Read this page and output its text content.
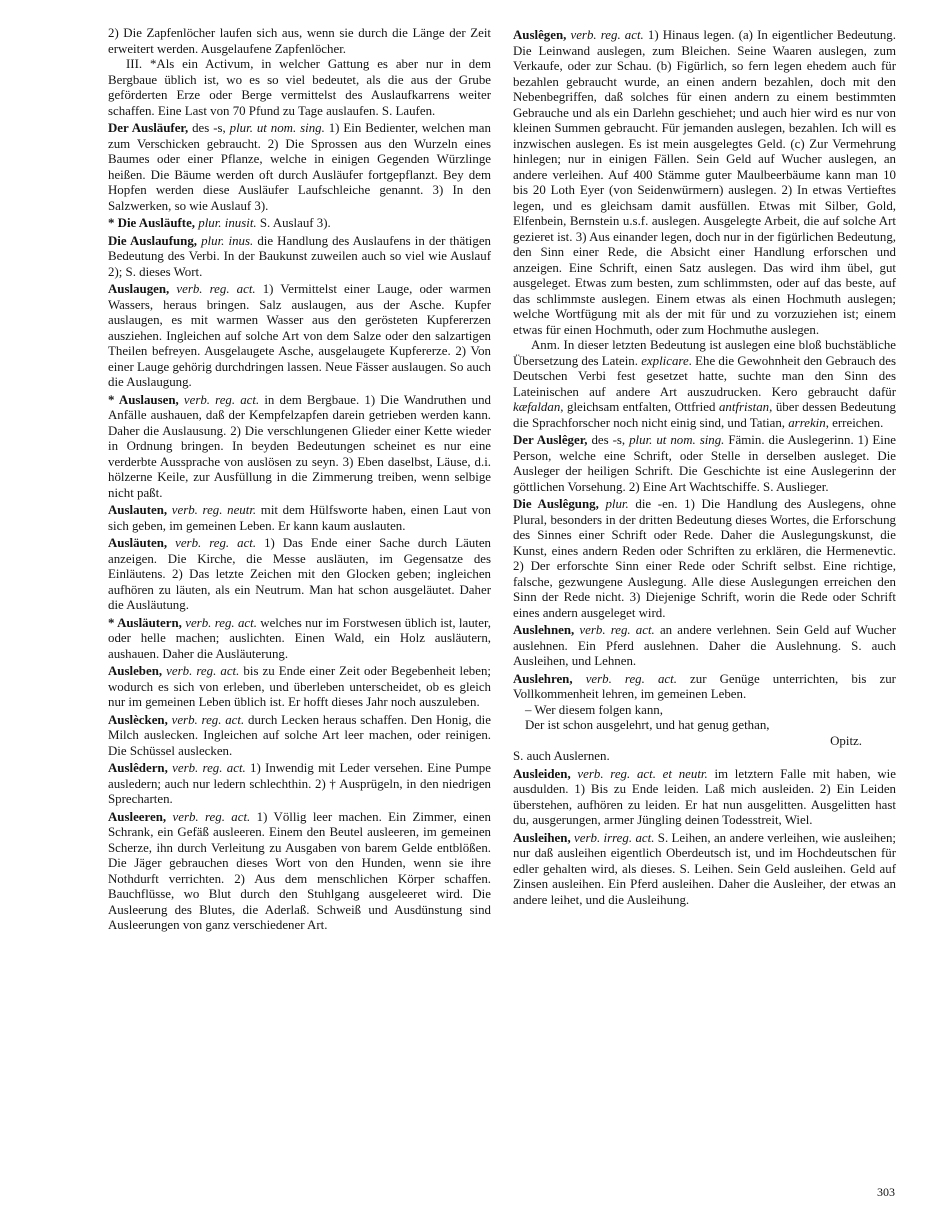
2) Die Zapfenlöcher laufen sich aus, wenn sie durch die Länge der Zeit erweitert werden. Ausgelaufene Zapfenlöcher.

III. *Als ein Activum, in welcher Gattung es aber nur in dem Bergbaue üblich ist, wo es so viel bedeutet, als die aus der Grube geförderten Erze oder Berge vermittelst des Auslaufkarrens weiter schaffen. Eine Last von 70 Pfund zu Tage auslaufen. S. Laufen.

Der Ausläufer, des -s, plur. ut nom. sing. 1) Ein Bedienter, welchen man zum Verschicken gebraucht. 2) Die Sprossen aus den Wurzeln eines Baumes oder einer Pflanze, welche in einigen Gegenden Würzlinge heißen. Die Bäume werden oft durch Ausläufer fortgepflanzt. Bey dem Hopfen werden diese Ausläufer Laufschleiche genannt. 3) In den Salzwerken, so wie Auslauf 3).

* Die Ausläufte, plur. inusit. S. Auslauf 3).

Die Auslaufung, plur. inus. die Handlung des Auslaufens in der thätigen Bedeutung des Verbi. In der Baukunst zuweilen auch so viel wie Auslauf 2); S. dieses Wort.

Auslaugen, verb. reg. act. 1) Vermittelst einer Lauge, oder warmen Wassers, heraus bringen. Salz auslaugen, aus der Asche. Kupfer auslaugen, es mit warmen Wasser aus den gerösteten Kupfererzen ausziehen. Ingleichen auf solche Art von dem Salze oder den salzartigen Theilen befreyen. Ausgelaugete Asche, ausgelaugete Kupfererze. 2) Von einer Lauge gehörig durchdringen lassen. Neue Fässer auslaugen. So auch die Auslaugung.

* Auslausen, verb. reg. act. in dem Bergbaue. 1) Die Wandruthen und Anfälle aushauen, daß der Kempfelzapfen darein getrieben werden kann. Daher die Auslausung. 2) Die verschlungenen Glieder einer Kette wieder in Ordnung bringen. In beyden Bedeutungen scheinet es nur eine verderbte Aussprache von auslösen zu seyn. 3) Eben daselbst, Läuse, d.i. hölzerne Keile, zur Ausfüllung in die Zimmerung treiben, wenn selbige nicht paßt.

Auslauten, verb. reg. neutr. mit dem Hülfsworte haben, einen Laut von sich geben, im gemeinen Leben. Er kann kaum auslauten.

Ausläuten, verb. reg. act. 1) Das Ende einer Sache durch Läuten anzeigen. Die Kirche, die Messe ausläuten, im Gegensatze des Einläutens. 2) Das letzte Zeichen mit den Glocken geben; ingleichen aufhören zu läuten, als ein Neutrum. Man hat schon ausgeläutet. Daher die Ausläutung.

* Ausläutern, verb. reg. act. welches nur im Forstwesen üblich ist, lauter, oder helle machen; auslichten. Einen Wald, ein Holz ausläutern, aushauen. Daher die Ausläuterung.

Ausleben, verb. reg. act. bis zu Ende einer Zeit oder Begebenheit leben; wodurch es sich von erleben, und überleben unterscheidet, ob es gleich nur im gemeinen Leben üblich ist. Er hofft dieses Jahr noch auszuleben.

Auslècken, verb. reg. act. durch Lecken heraus schaffen. Den Honig, die Milch auslecken. Ingleichen auf solche Art leer machen, oder reinigen. Die Schüssel auslecken.

Auslêdern, verb. reg. act. 1) Inwendig mit Leder versehen. Eine Pumpe ausledern; auch nur ledern schlechthin. 2) † Ausprügeln, in den niedrigen Sprecharten.

Ausleeren, verb. reg. act. 1) Völlig leer machen. Ein Zimmer, einen Schrank, ein Gefäß ausleeren. Einem den Beutel ausleeren, im gemeinen Scherze, ihn durch Verleitung zu Ausgaben von barem Gelde entblößen. Die Jäger gebrauchen dieses Wort von den Hunden, wenn sie ihre Nothdurft verrichten. 2) Aus dem menschlichen Körper schaffen. Bauchflüsse, wo Blut durch den Stuhlgang ausgeleeret wird. Die Ausleerung des Blutes, die Aderlaß. Schweiß und Ausdünstung sind Ausleerungen von ganz verschiedener Art.

Auslêgen, verb. reg. act. 1) Hinaus legen. (a) In eigentlicher Bedeutung. Die Leinwand auslegen, zum Bleichen. Seine Waaren auslegen, zum Verkaufe, oder zur Schau. (b) Figürlich, so fern legen ehedem auch für bezahlen gebraucht wurde, an einen andern bezahlen, doch mit den Nebenbegriffen, daß solches für einen andern zu einem bestimmten Gebrauche und als ein Darlehn geschiehet; und auch hier wird es nur von kleinen Summen gebraucht. Für jemanden auslegen, bezahlen. Ich will es inzwischen auslegen. Es ist mein ausgelegtes Geld. (c) Zur Vermehrung hinlegen; nur in einigen Fällen. Sein Geld auf Wucher auslegen, an andere verleihen. Auf 400 Stämme guter Maulbeerbäume kann man 10 bis 20 Loth Eyer (von Seidenwürmern) auslegen. 2) In etwas Vertieftes legen, und es gleichsam damit ausfüllen. Etwas mit Silber, Gold, Elfenbein, Bernstein u.s.f. auslegen. Ausgelegte Arbeit, die auf solche Art gezieret ist. 3) Aus einander legen, doch nur in der figürlichen Bedeutung, den Sinn einer Rede, die Absicht einer Handlung erforschen und anzeigen. Eine Schrift, einen Satz auslegen. Das wird ihm übel, gut ausgeleget. Etwas zum besten, zum schlimmsten, oder auf das beste, auf das schlimmste auslegen. Einem etwas als einen Hochmuth auslegen; welche Wortfügung mit als der mit für und zu vorzuziehen ist; einem etwas für einen Hochmuth, oder zum Hochmuthe auslegen.

Anm. In dieser letzten Bedeutung ist auslegen eine bloß buchstäbliche Übersetzung des Latein. explicare. Ehe die Gewohnheit den Gebrauch des Deutschen Verbi fest gesetzet hatte, suchte man den Sinn des Lateinischen auf andere Art auszudrucken. Kero gebraucht dafür kæfaldan, gleichsam entfalten, Ottfried antfristan, über dessen Bedeutung die Sprachforscher noch nicht einig sind, und Tatian, arrekin, erreichen.

Der Auslêger, des -s, plur. ut nom. sing. Fämin. die Auslegerinn. 1) Eine Person, welche eine Schrift, oder Stelle in derselben ausleget. Die Ausleger der heiligen Schrift. Die Geschichte ist eine Auslegerinn der göttlichen Vorsehung. 2) Eine Art Wachtschiffe. S. Auslieger.

Die Auslêgung, plur. die -en. 1) Die Handlung des Auslegens, ohne Plural, besonders in der dritten Bedeutung dieses Wortes, die Erforschung des Sinnes einer Schrift oder Rede. Daher die Auslegungskunst, die Kunst, eines andern Reden oder Schriften zu erklären, die Hermenevtic. 2) Der erforschte Sinn einer Rede oder Schrift selbst. Eine richtige, falsche, gezwungene Auslegung. Alle diese Auslegungen erreichen den Sinn der Rede nicht. 3) Diejenige Schrift, worin die Rede oder Schrift eines andern ausgeleget wird.

Auslehnen, verb. reg. act. an andere verlehnen. Sein Geld auf Wucher auslehnen. Ein Pferd auslehnen. Daher die Auslehnung. S. auch Ausleihen, und Lehnen.

Auslehren, verb. reg. act. zur Genüge unterrichten, bis zur Vollkommenheit lehren, im gemeinen Leben.

– Wer diesem folgen kann,

Der ist schon ausgelehrt, und hat genug gethan,

Opitz.

S. auch Auslernen.

Ausleiden, verb. reg. act. et neutr. im letztern Falle mit haben, wie ausdulden. 1) Bis zu Ende leiden. Laß mich ausleiden. 2) Ein Leiden überstehen, aufhören zu leiden. Er hat nun ausgelitten. Ausgelitten hast du, ausgerungen, armer Jüngling deinen Todesstreit, Wiel.

Ausleihen, verb. irreg. act. S. Leihen, an andere verleihen, wie ausleihen; nur daß ausleihen eigentlich Oberdeutsch ist, und im Hochdeutschen für edler gehalten wird, als dieses. S. Leihen. Sein Geld ausleihen. Geld auf Zinsen ausleihen. Ein Pferd ausleihen. Daher die Ausleiher, der etwas an andere leihet, und die Ausleihung.

303
